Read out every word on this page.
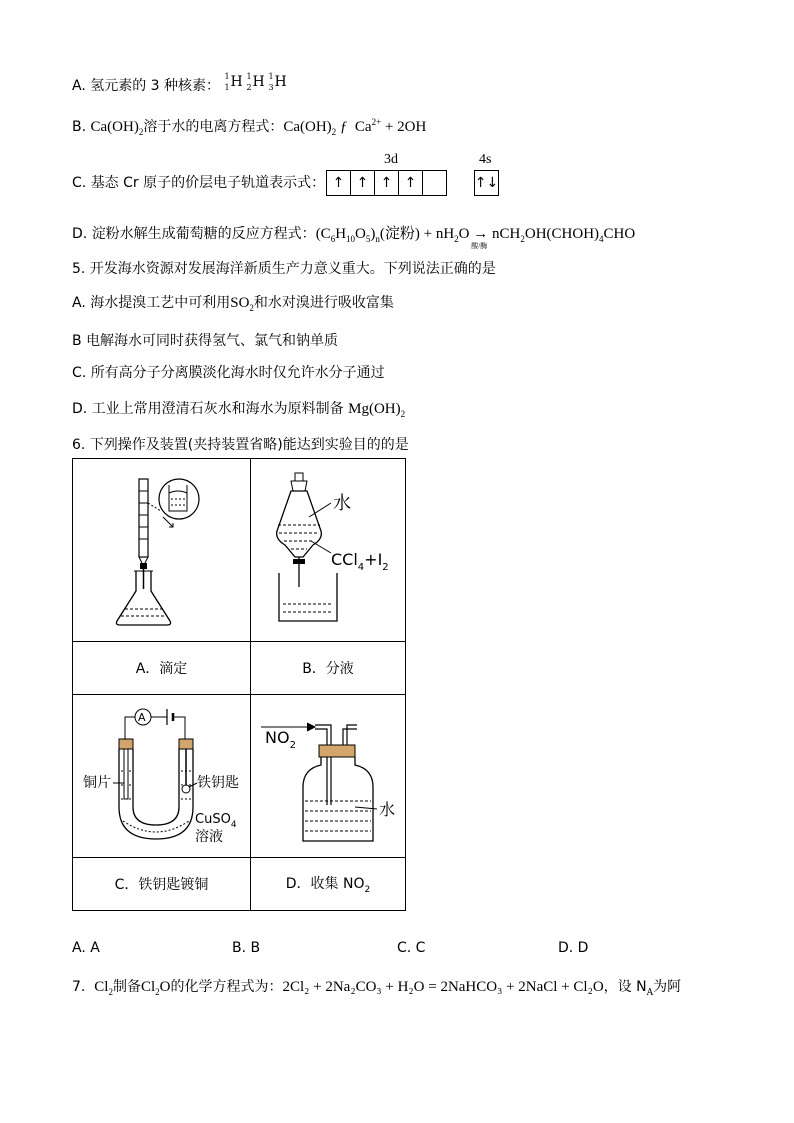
A. 氢元素的 3 种核素：
1
1 H 1
2 H 1
3 H
B. $Ca(OH)_2$溶于水的电离方程式：$Ca(OH)_2$ ƒ $Ca^{2+} + 2OH$
C. 基态 Cr 原子的价层电子轨道表示式：
3d	4s
↑ ↑ ↑ ↑	↑↓
D. 淀粉水解生成葡萄糖的反应方程式：$(C_6H_{10}O_5)_n$(淀粉) + $nH_2O$ →
酸/酶
$nCH_2OH(CHOH)_4CHO$
5. 开发海水资源对发展海洋新质生产力意义重大。下列说法正确的是
A. 海水提溴工艺中可利用$SO_2$和水对溴进行吸收富集
B 电解海水可同时获得氢气、氯气和钠单质
C. 所有高分子分离膜淡化海水时仅允许水分子通过
D. 工业上常用澄清石灰水和海水为原料制备 $Mg(OH)_2$
6. 下列操作及装置(夹持装置省略)能达到实验目的的是

水
$CCl_4+I_2$

A．滴定	B．分液

A
铜片 铁钥匙
CuSO$_4$
溶液	$NO_2$
水

C．铁钥匙镀铜	D．收集 $NO_2$
A. A	B. B	C. C	D. D
7. $Cl_2$制备$Cl_2O$的化学方程式为：2Cl₂ + 2Na₂CO₃ + H₂O = 2NaHCO₃ + 2NaCl + Cl₂O，设 $N_A$为阿
